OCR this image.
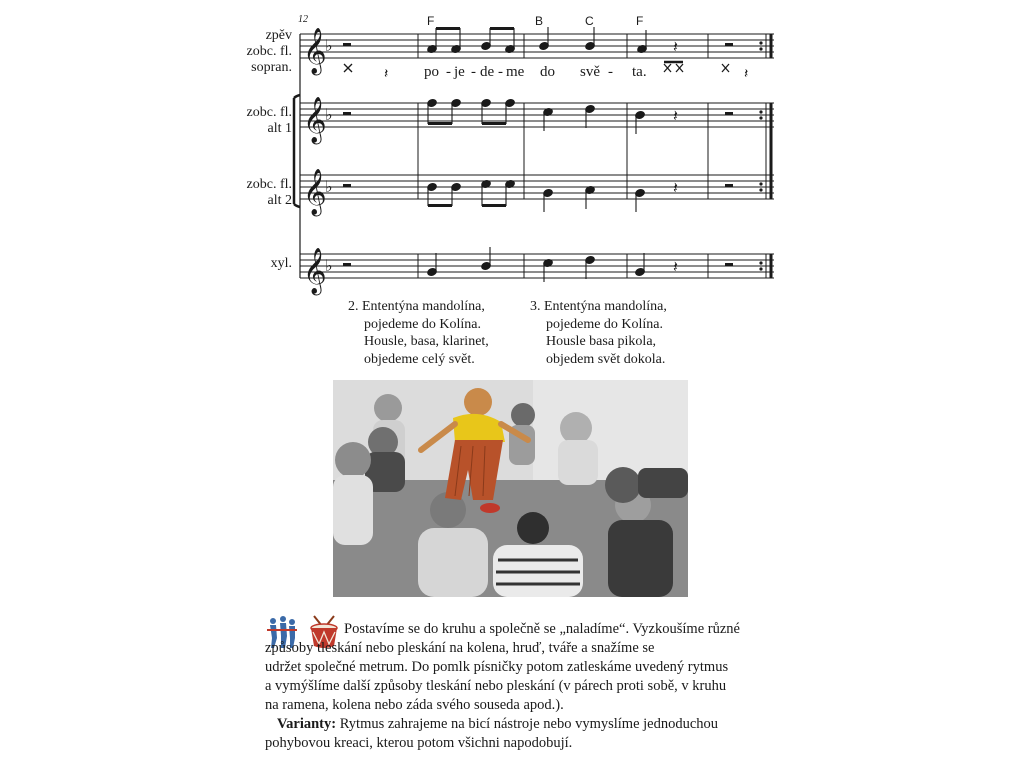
12	F	B	C	F
zpěv
zobc. fl.
sopran.
zobc. fl.
alt 1
zobc. fl.
alt 2
xyl.
𝄞
𝄞
𝄞
𝄞
♭
♭
♭
♭
𝄽
𝄽	𝄽
𝄽
𝄽
𝄽
po - je - de - me do svě - ta.
2. Ententýna mandolína,
pojedeme do Kolína.
Housle, basa, klarinet,
objedeme celý svět.
3. Ententýna mandolína,
pojedeme do Kolína.
Housle basa pikola,
objedem svět dokola.
Postavíme se do kruhu a společně se „naladíme“. Vyzkoušíme různé
způsoby tleskání nebo pleskání na kolena, hruď, tváře a snažíme se
udržet společné metrum. Do pomlk písničky potom zatleskáme uvedený rytmus
a vymýšlíme další způsoby tleskání nebo pleskání (v párech proti sobě, v kruhu
na ramena, kolena nebo záda svého souseda apod.).
Varianty: Rytmus zahrajeme na bicí nástroje nebo vymyslíme jednoduchou
pohybovou kreaci, kterou potom všichni napodobují.
